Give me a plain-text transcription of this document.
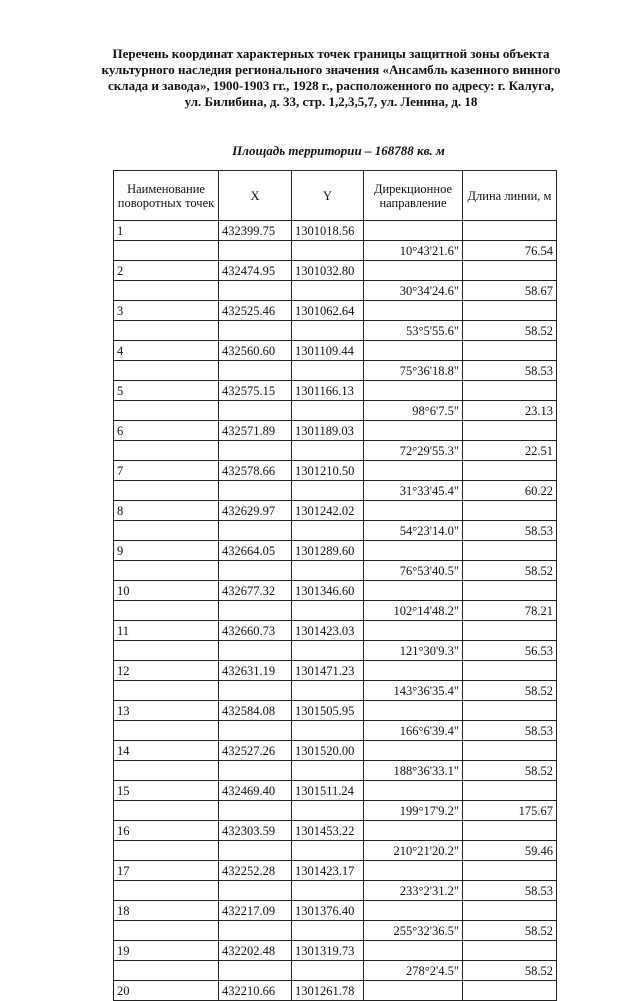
Перечень координат характерных точек границы защитной зоны объекта
культурного наследия регионального значения «Ансамбль казенного винного
склада и завода», 1900-1903 гг., 1928 г., расположенного по адресу: г. Калуга,
ул. Билибина, д. 33, стр. 1,2,3,5,7, ул. Ленина, д. 18
Площадь территории – 168788 кв. м
Наименование поворотных точек	X	Y	Дирекционное направление	Длина линии, м
1	432399.75	1301018.56		
			10°43'21.6"	76.54
2	432474.95	1301032.80		
			30°34'24.6"	58.67
3	432525.46	1301062.64		
			53°5'55.6"	58.52
4	432560.60	1301109.44		
			75°36'18.8"	58.53
5	432575.15	1301166.13		
			98°6'7.5"	23.13
6	432571.89	1301189.03		
			72°29'55.3"	22.51
7	432578.66	1301210.50		
			31°33'45.4"	60.22
8	432629.97	1301242.02		
			54°23'14.0"	58.53
9	432664.05	1301289.60		
			76°53'40.5"	58.52
10	432677.32	1301346.60		
			102°14'48.2"	78.21
11	432660.73	1301423.03		
			121°30'9.3"	56.53
12	432631.19	1301471.23		
			143°36'35.4"	58.52
13	432584.08	1301505.95		
			166°6'39.4"	58.53
14	432527.26	1301520.00		
			188°36'33.1"	58.52
15	432469.40	1301511.24		
			199°17'9.2"	175.67
16	432303.59	1301453.22		
			210°21'20.2"	59.46
17	432252.28	1301423.17		
			233°2'31.2"	58.53
18	432217.09	1301376.40		
			255°32'36.5"	58.52
19	432202.48	1301319.73		
			278°2'4.5"	58.52
20	432210.66	1301261.78		
